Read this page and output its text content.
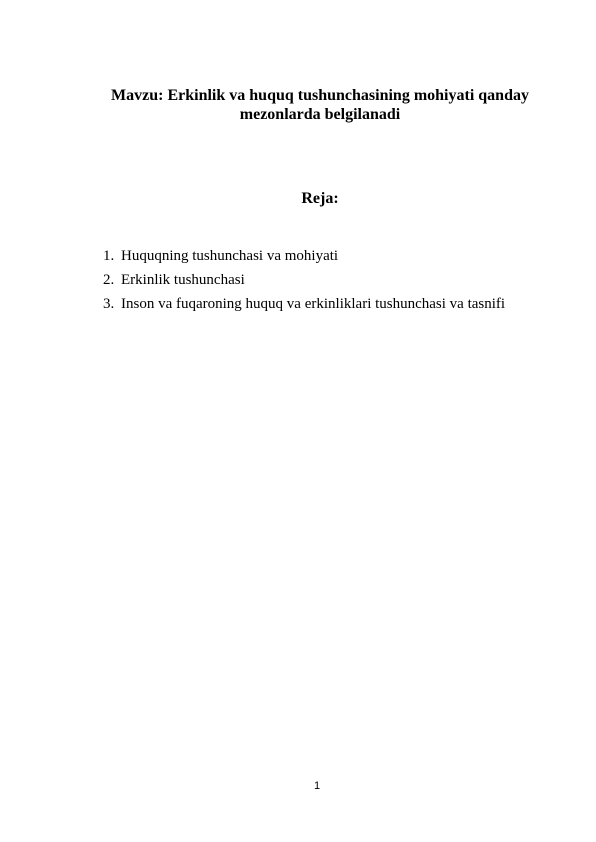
Mavzu: Erkinlik va huquq tushunchasining mohiyati qanday
mezonlarda belgilanadi
Reja:
1. Huquqning tushunchasi va mohiyati
2. Erkinlik tushunchasi
3. Inson va fuqaroning huquq va erkinliklari tushunchasi va tasnifi
1
